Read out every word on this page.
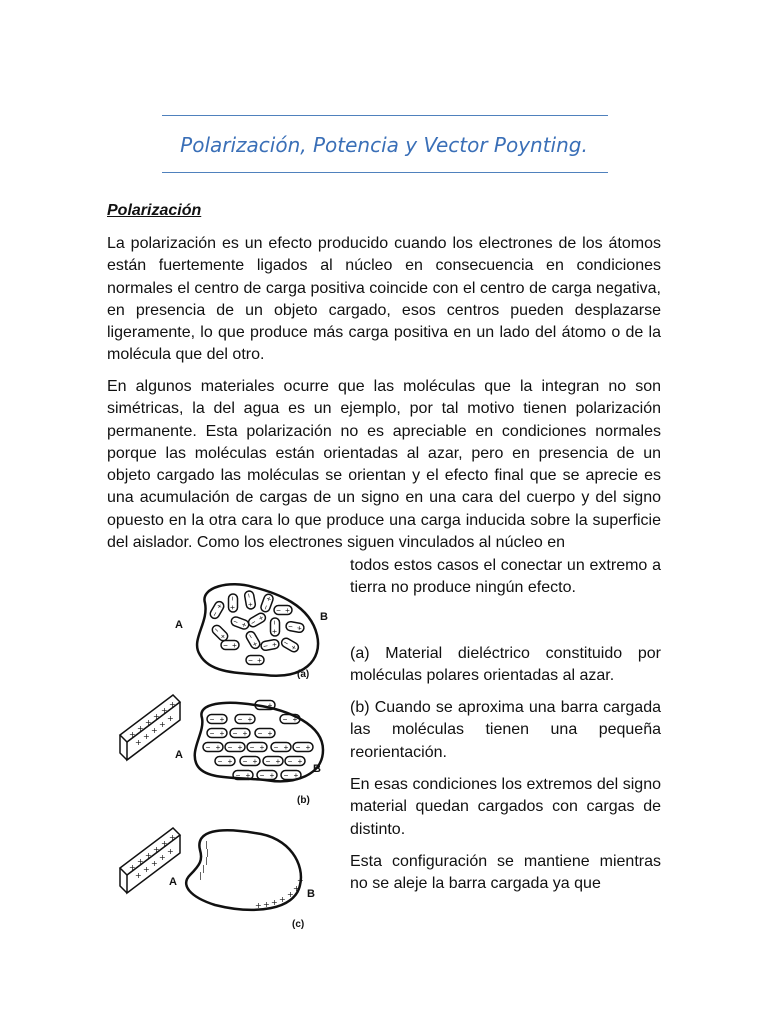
Polarización, Potencia y Vector Poynting.
Polarización

La polarización es un efecto producido cuando los electrones de los átomos están fuertemente ligados al núcleo en consecuencia en condiciones normales el centro de carga positiva coincide con el centro de carga negativa, en presencia de un objeto cargado, esos centros pueden desplazarse ligeramente, lo que produce más carga positiva en un lado del átomo o de la molécula que del otro.

En algunos materiales ocurre que las moléculas que la integran no son simétricas, la del agua es un ejemplo, por tal motivo tienen polarización permanente. Esta polarización no es apreciable en condiciones normales porque las moléculas están orientadas al azar, pero en presencia de un objeto cargado las moléculas se orientan y el efecto final que se aprecie es una acumulación de cargas de un signo en una cara del cuerpo y del signo opuesto en la otra cara lo que produce una carga inducida sobre la superficie del aislador. Como los electrones siguen vinculados al núcleo en

todos estos casos el conectar un extremo a tierra no produce ningún efecto.

(a) Material dieléctrico constituido por moléculas polares orientadas al azar.

(b) Cuando se aproxima una barra cargada las moléculas tienen una pequeña reorientación.

En esas condiciones los extremos del signo material quedan cargados con cargas de distinto.

Esta configuración se mantiene mientras no se aleje la barra cargada ya que

−
+
−
+
−
+ −
+
− +
−
+
− + − + −
+ − +
− +
−
+ − + − +
− +
− + − +
− + − + − +
− + − + − + − + − +
− + − + − + − +
− + − + − +
− +
− +
+
+
+
+
+
+
+
+
+
+
+
+
+
+
+
+
+
+
+
+
+
+
|
|
|
|
|
+ + + +
+
+
+
A
B
(a)
A
B
(b)
A
B
(c)
